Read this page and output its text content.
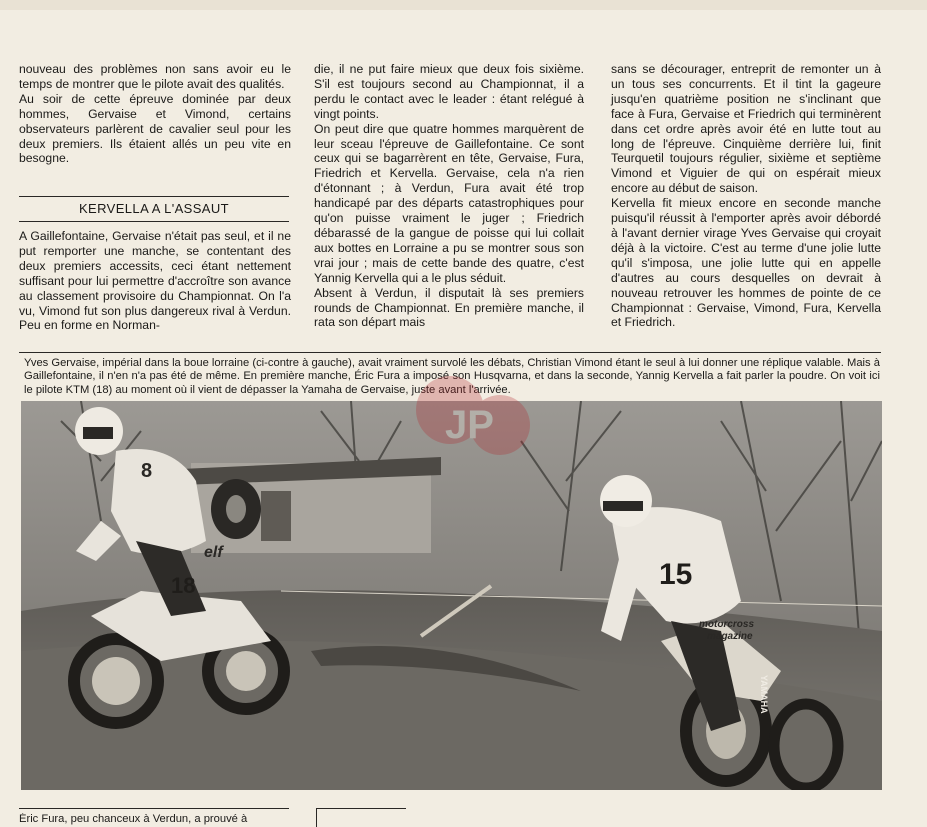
nouveau des problèmes non sans avoir eu le temps de montrer que le pilote avait des qualités.

Au soir de cette épreuve dominée par deux hommes, Gervaise et Vimond, certains observateurs parlèrent de cavalier seul pour les deux premiers. Ils étaient allés un peu vite en besogne.

KERVELLA A L'ASSAUT

A Gaillefontaine, Gervaise n'était pas seul, et il ne put remporter une manche, se contentant des deux premiers accessits, ceci étant nettement suffisant pour lui permettre d'accroître son avance au classement provisoire du Championnat. On l'a vu, Vimond fut son plus dangereux rival à Verdun. Peu en forme en Norman-

die, il ne put faire mieux que deux fois sixième. S'il est toujours second au Championnat, il a perdu le contact avec le leader : étant relégué à vingt points.

On peut dire que quatre hommes marquèrent de leur sceau l'épreuve de Gaillefontaine. Ce sont ceux qui se bagarrèrent en tête, Gervaise, Fura, Friedrich et Kervella. Gervaise, cela n'a rien d'étonnant ; à Verdun, Fura avait été trop handicapé par des départs catastrophiques pour qu'on puisse vraiment le juger ; Friedrich débarassé de la gangue de poisse qui lui collait aux bottes en Lorraine a pu se montrer sous son vrai jour ; mais de cette bande des quatre, c'est Yannig Kervella qui a le plus séduit.

Absent à Verdun, il disputait là ses premiers rounds de Championnat. En première manche, il rata son départ mais

sans se décourager, entreprit de remonter un à un tous ses concurrents. Et il tint la gageure jusqu'en quatrième position ne s'inclinant que face à Fura, Gervaise et Friedrich qui terminèrent dans cet ordre après avoir été en lutte tout au long de l'épreuve. Cinquième derrière lui, finit Teurquetil toujours régulier, sixième et septième Vimond et Viguier de qui on espérait mieux encore au début de saison.

Kervella fit mieux encore en seconde manche puisqu'il réussit à l'emporter après avoir débordé à l'avant dernier virage Yves Gervaise qui croyait déjà à la victoire. C'est au terme d'une jolie lutte qu'il s'imposa, une jolie lutte qui en appelle d'autres au cours desquelles on devrait à nouveau retrouver les hommes de pointe de ce Championnat : Gervaise, Vimond, Fura, Kervella et Friedrich.

Yves Gervaise, impérial dans la boue lorraine (ci-contre à gauche), avait vraiment survolé les débats, Christian Vimond étant le seul à lui donner une réplique valable. Mais à Gaillefontaine, il n'en n'a pas été de même. En première manche, Éric Fura a imposé son Husqvarna, et dans la seconde, Yannig Kervella a fait parler la poudre. On voit ici le pilote KTM (18) au moment où il vient de dépasser la Yamaha de Gervaise, juste avant l'arrivée.
8
elf
18	15
motorcross
magazine
YAMAHA
JP
Éric Fura, peu chanceux à Verdun, a prouvé à
